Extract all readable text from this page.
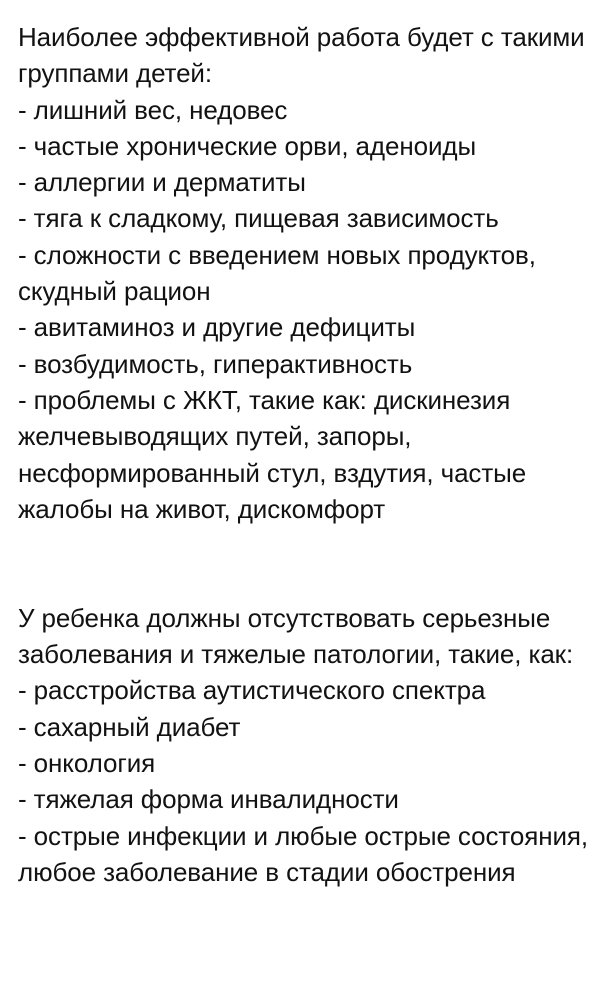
Наиболее эффективной работа будет с такими группами детей:
- лишний вес, недовес
- частые хронические орви, аденоиды
- аллергии и дерматиты
- тяга к сладкому, пищевая зависимость
- сложности с введением новых продуктов, скудный рацион
- авитаминоз и другие дефициты
- возбудимость, гиперактивность
- проблемы с ЖКТ, такие как: дискинезия желчевыводящих путей, запоры, несформированный стул, вздутия, частые жалобы на живот, дискомфорт
У ребенка должны отсутствовать серьезные заболевания и тяжелые патологии, такие, как:
- расстройства аутистического спектра
- сахарный диабет
- онкология
- тяжелая форма инвалидности
- острые инфекции и любые острые состояния, любое заболевание в стадии обострения
